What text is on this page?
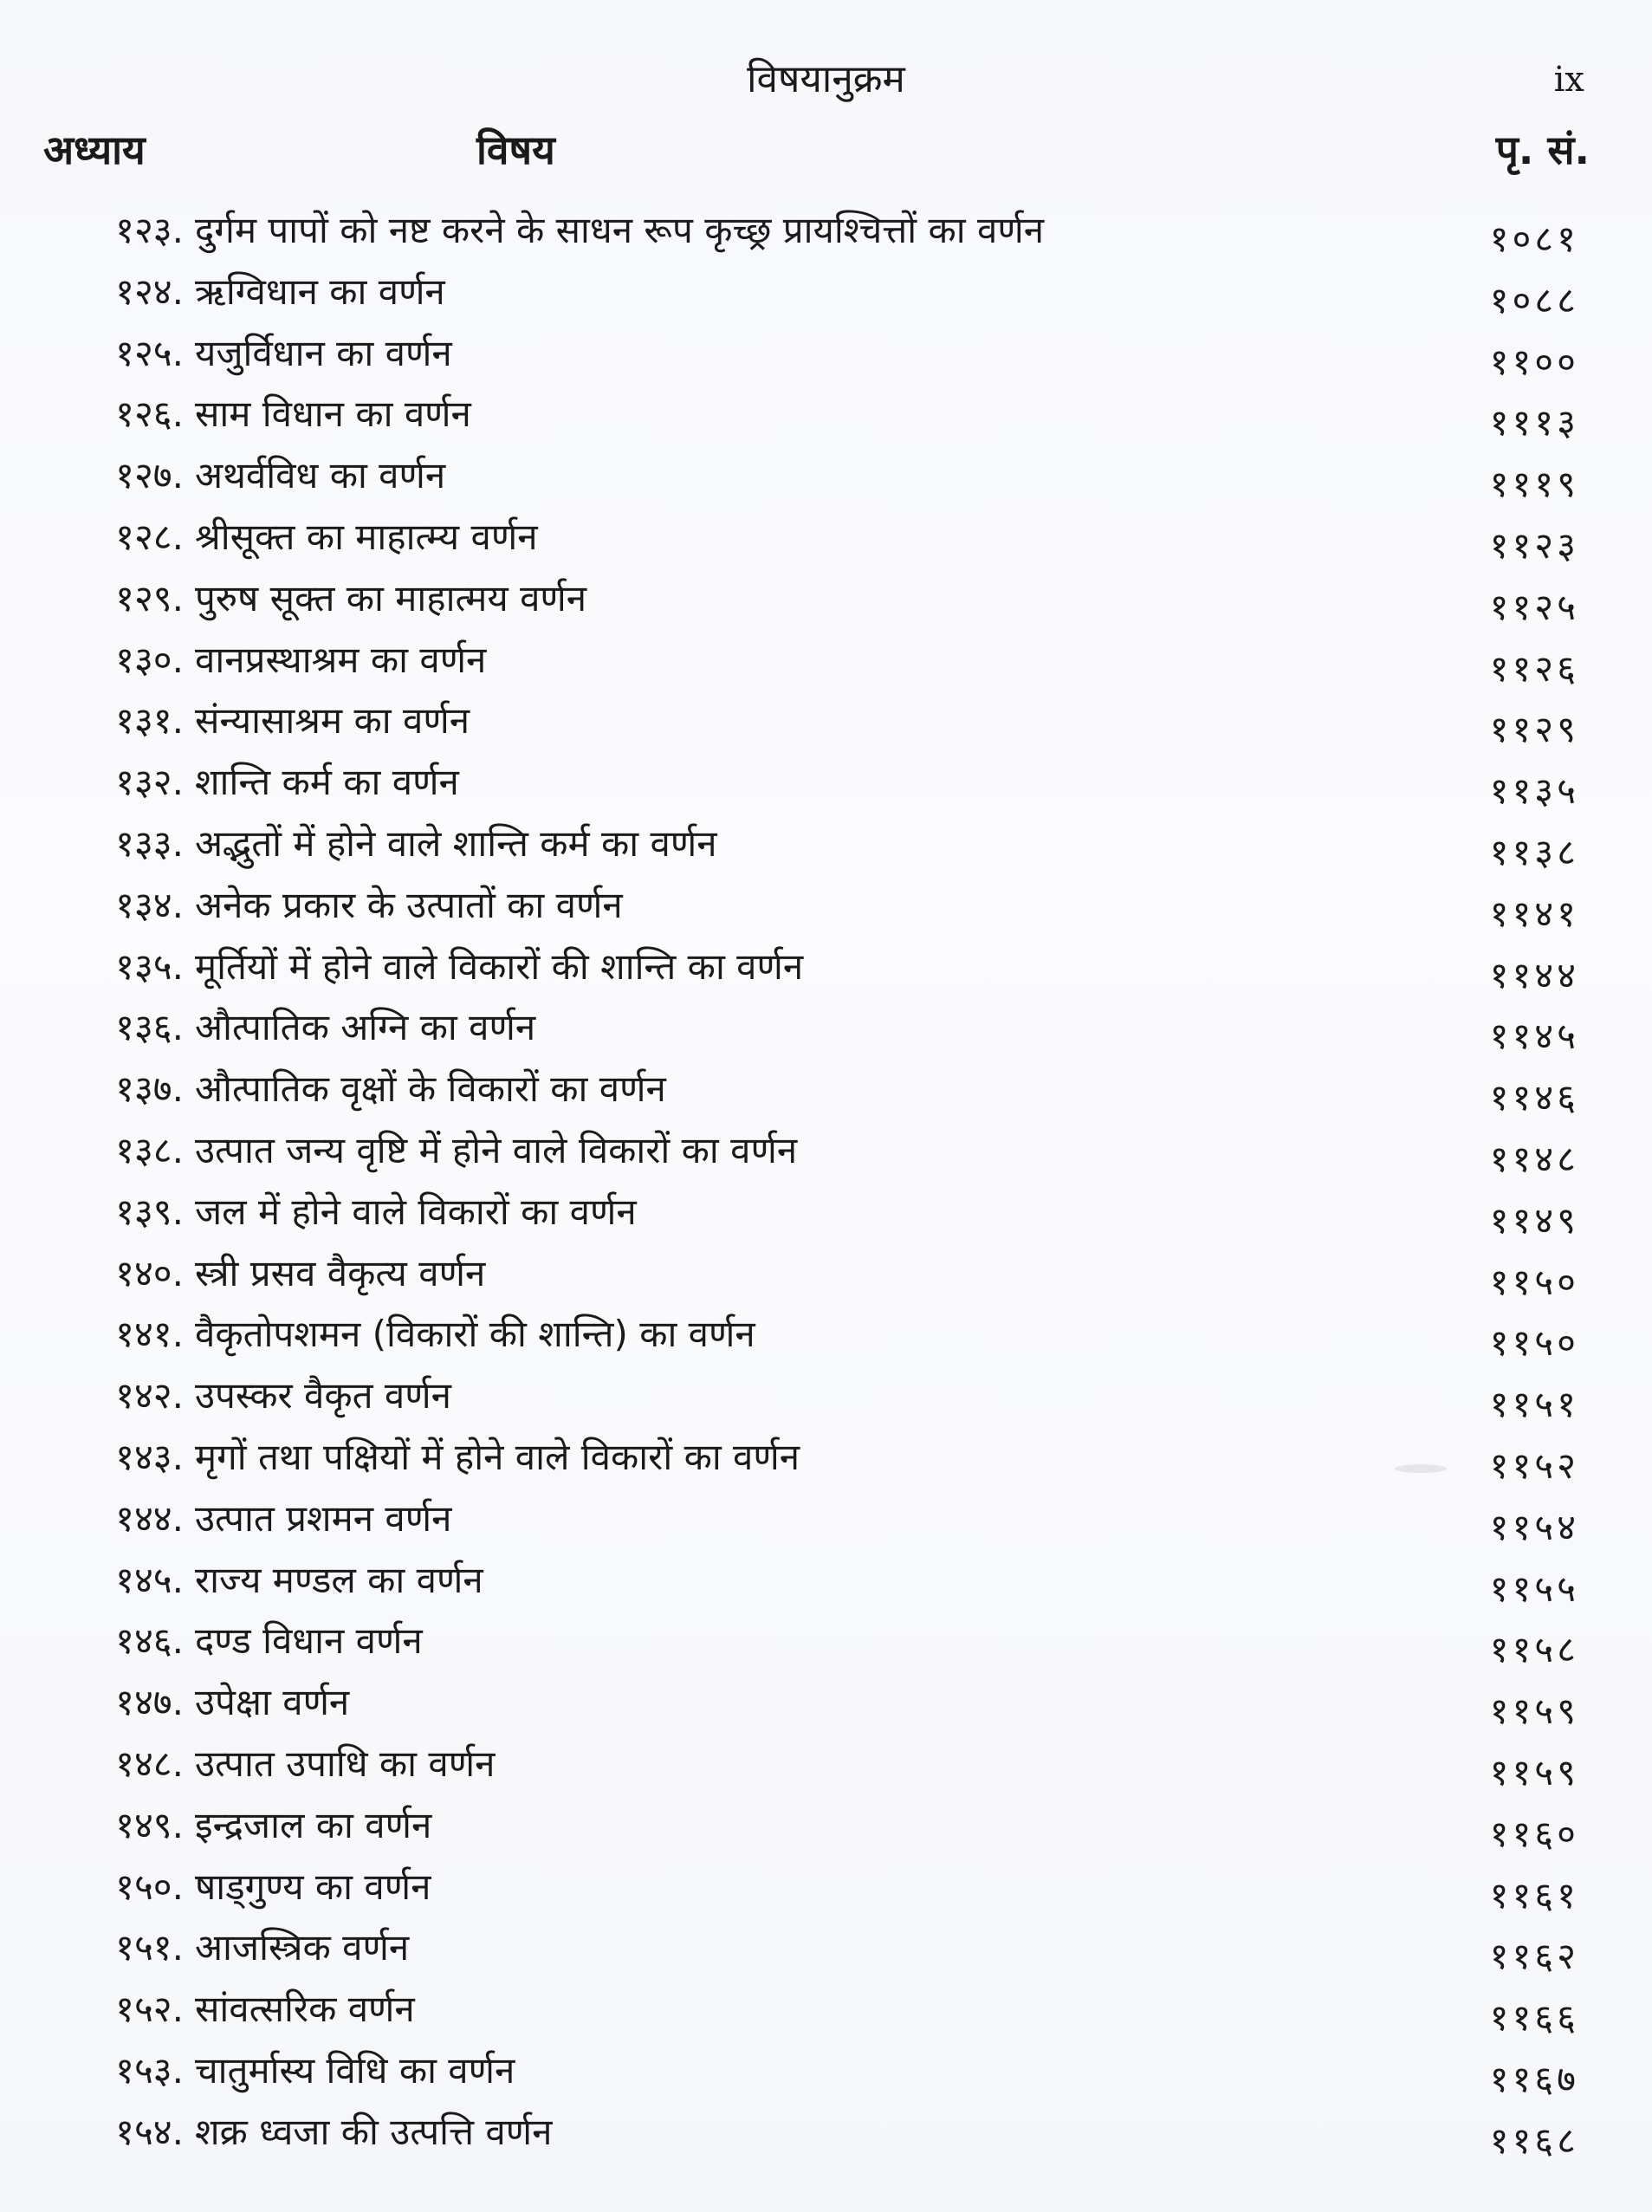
विषयानुक्रम	ix
अध्याय	विषय	पृ. सं.
१२३. दुर्गम पापों को नष्ट करने के साधन रूप कृच्छ्र प्रायश्चित्तों का वर्णन	१०८१
१२४. ऋग्विधान का वर्णन	१०८८
१२५. यजुर्विधान का वर्णन	११००
१२६. साम विधान का वर्णन	१११३
१२७. अथर्वविध का वर्णन	१११९
१२८. श्रीसूक्त का माहात्म्य वर्णन	११२३
१२९. पुरुष सूक्त का माहात्मय वर्णन	११२५
१३०. वानप्रस्थाश्रम का वर्णन	११२६
१३१. संन्यासाश्रम का वर्णन	११२९
१३२. शान्ति कर्म का वर्णन	११३५
१३३. अद्भुतों में होने वाले शान्ति कर्म का वर्णन	११३८
१३४. अनेक प्रकार के उत्पातों का वर्णन	११४१
१३५. मूर्तियों में होने वाले विकारों की शान्ति का वर्णन	११४४
१३६. औत्पातिक अग्नि का वर्णन	११४५
१३७. औत्पातिक वृक्षों के विकारों का वर्णन	११४६
१३८. उत्पात जन्य वृष्टि में होने वाले विकारों का वर्णन	११४८
१३९. जल में होने वाले विकारों का वर्णन	११४९
१४०. स्त्री प्रसव वैकृत्य वर्णन	११५०
१४१. वैकृतोपशमन (विकारों की शान्ति) का वर्णन	११५०
१४२. उपस्कर वैकृत वर्णन	११५१
१४३. मृगों तथा पक्षियों में होने वाले विकारों का वर्णन	११५२
१४४. उत्पात प्रशमन वर्णन	११५४
१४५. राज्य मण्डल का वर्णन	११५५
१४६. दण्ड विधान वर्णन	११५८
१४७. उपेक्षा वर्णन	११५९
१४८. उत्पात उपाधि का वर्णन	११५९
१४९. इन्द्रजाल का वर्णन	११६०
१५०. षाड्गुण्य का वर्णन	११६१
१५१. आजस्त्रिक वर्णन	११६२
१५२. सांवत्सरिक वर्णन	११६६
१५३. चातुर्मास्य विधि का वर्णन	११६७
१५४. शक्र ध्वजा की उत्पत्ति वर्णन	११६८
